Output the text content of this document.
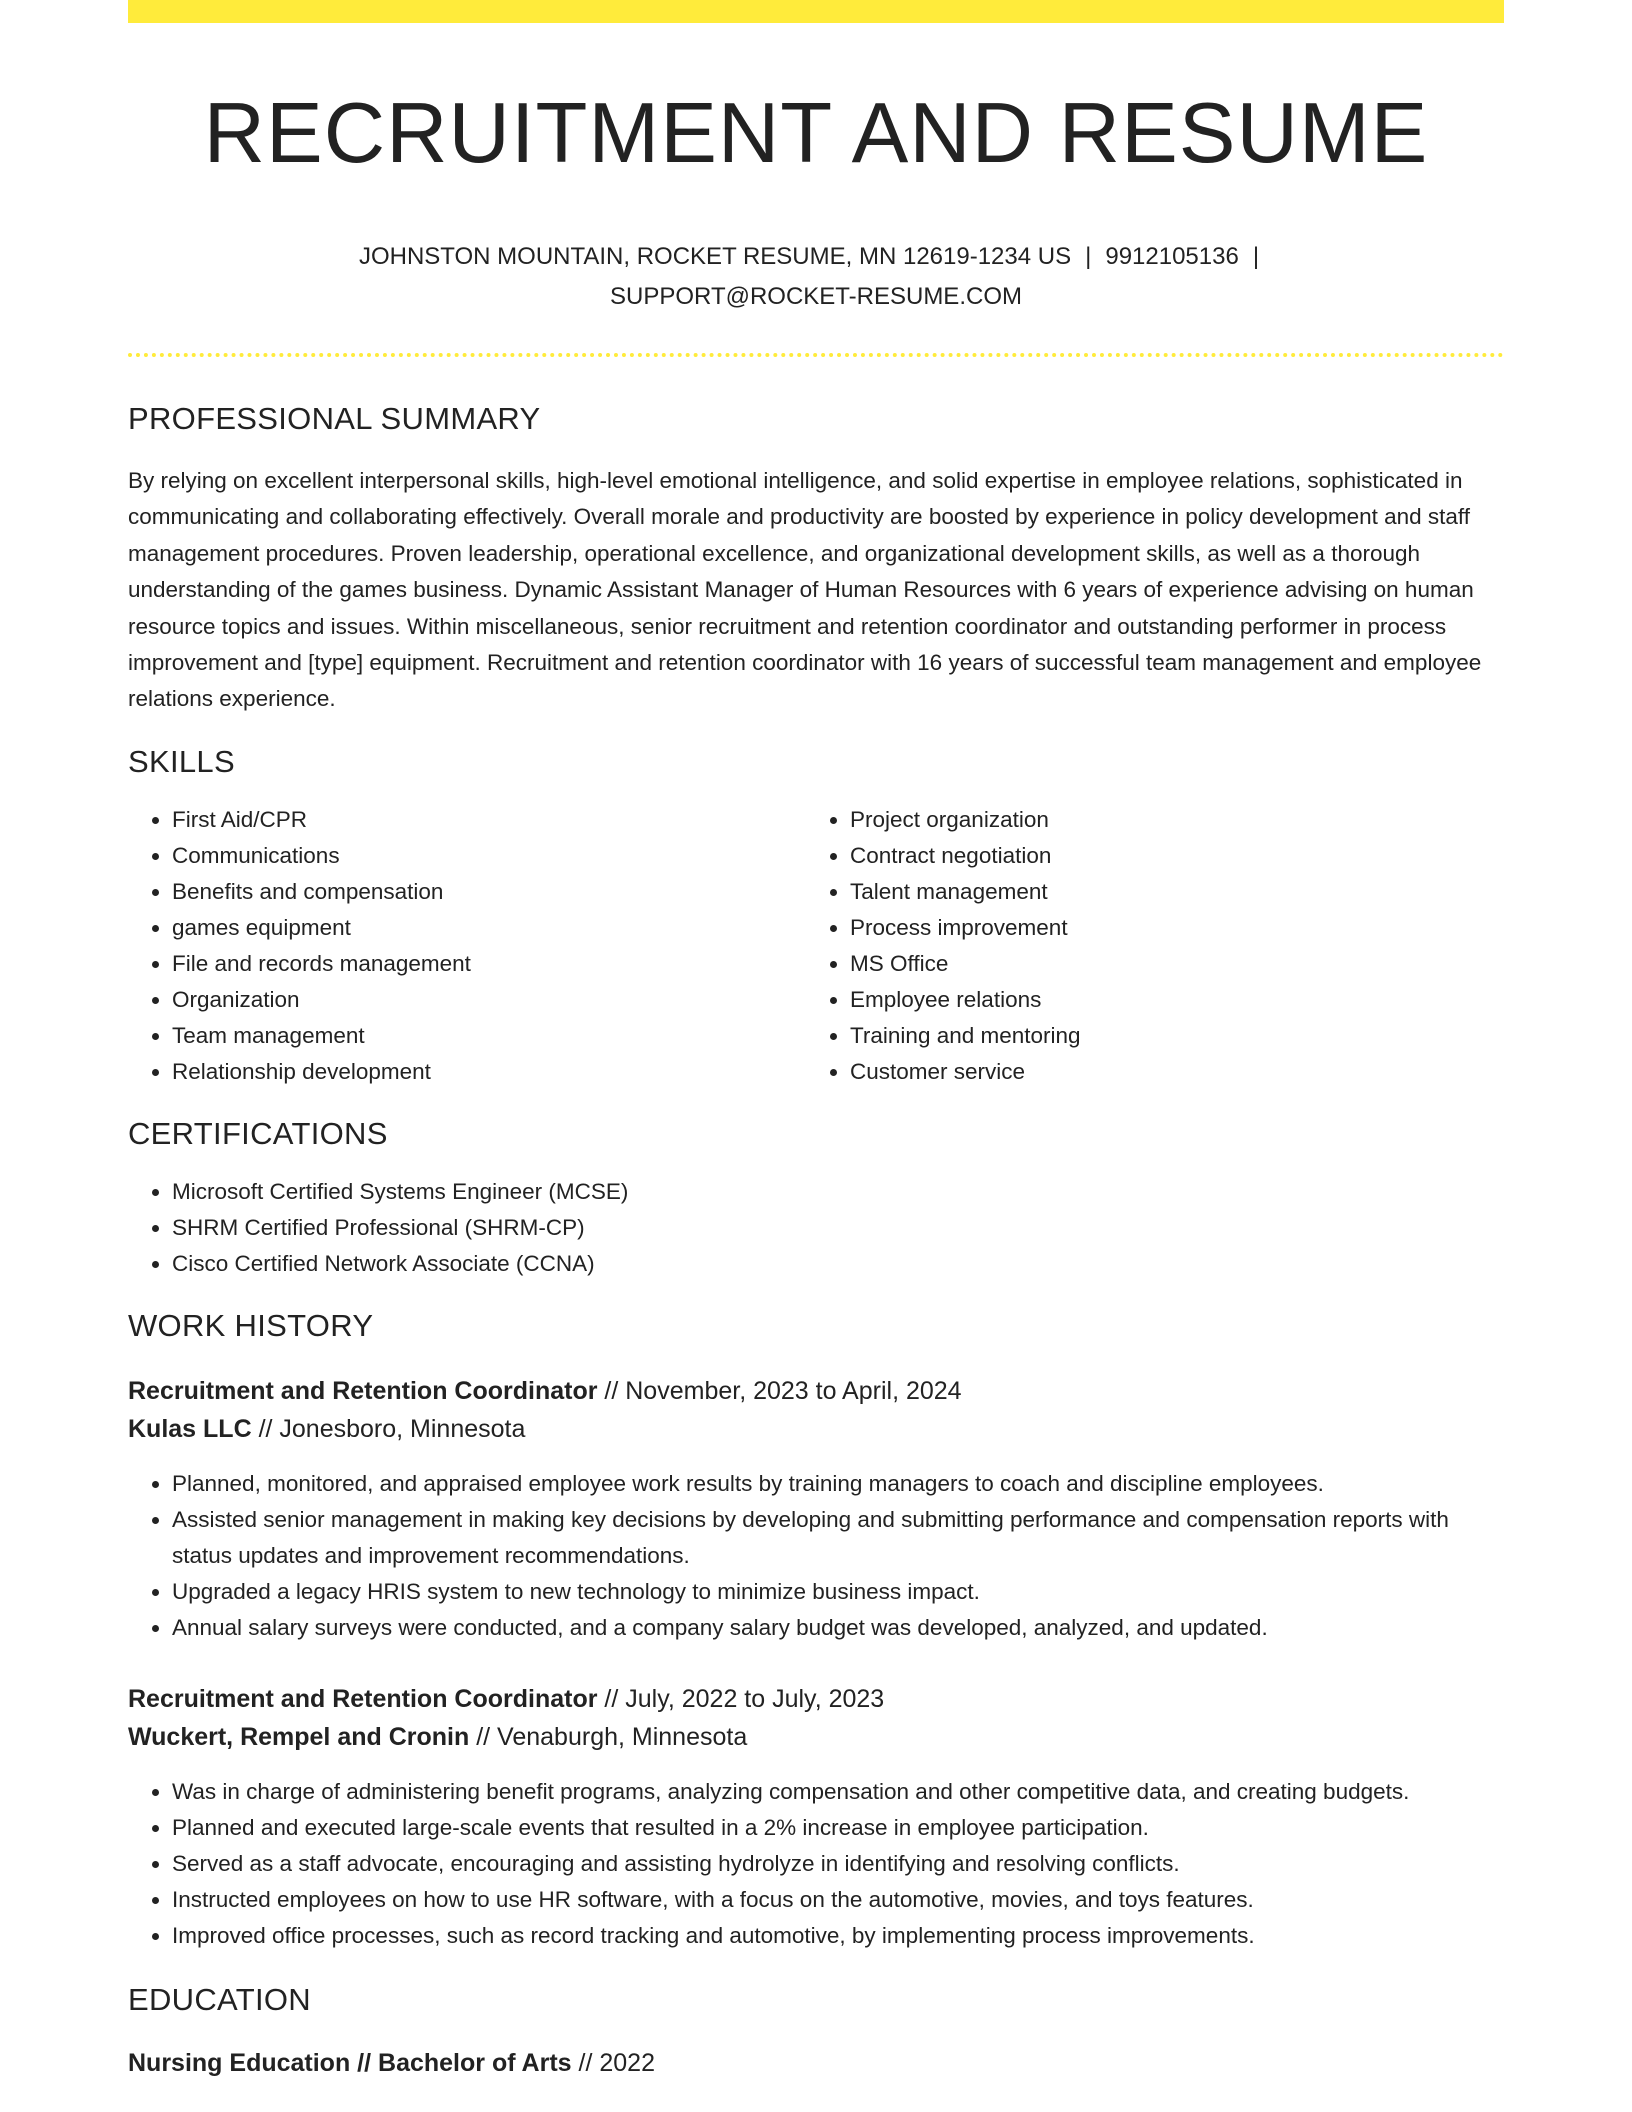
RECRUITMENT AND RESUME
JOHNSTON MOUNTAIN, ROCKET RESUME, MN 12619-1234 US | 9912105136 |
SUPPORT@ROCKET-RESUME.COM
PROFESSIONAL SUMMARY

By relying on excellent interpersonal skills, high-level emotional intelligence, and solid expertise in employee relations, sophisticated in communicating and collaborating effectively. Overall morale and productivity are boosted by experience in policy development and staff management procedures. Proven leadership, operational excellence, and organizational development skills, as well as a thorough understanding of the games business. Dynamic Assistant Manager of Human Resources with 6 years of experience advising on human resource topics and issues. Within miscellaneous, senior recruitment and retention coordinator and outstanding performer in process improvement and [type] equipment. Recruitment and retention coordinator with 16 years of successful team management and employee relations experience.

SKILLS
• First Aid/CPR
• Communications
• Benefits and compensation
• games equipment
• File and records management
• Organization
• Team management
• Relationship development
• Project organization
• Contract negotiation
• Talent management
• Process improvement
• MS Office
• Employee relations
• Training and mentoring
• Customer service
CERTIFICATIONS
• Microsoft Certified Systems Engineer (MCSE)
• SHRM Certified Professional (SHRM-CP)
• Cisco Certified Network Associate (CCNA)
WORK HISTORY
Recruitment and Retention Coordinator // November, 2023 to April, 2024
Kulas LLC // Jonesboro, Minnesota
• Planned, monitored, and appraised employee work results by training managers to coach and discipline employees.
• Assisted senior management in making key decisions by developing and submitting performance and compensation reports with status updates and improvement recommendations.
• Upgraded a legacy HRIS system to new technology to minimize business impact.
• Annual salary surveys were conducted, and a company salary budget was developed, analyzed, and updated.
Recruitment and Retention Coordinator // July, 2022 to July, 2023
Wuckert, Rempel and Cronin // Venaburgh, Minnesota
• Was in charge of administering benefit programs, analyzing compensation and other competitive data, and creating budgets.
• Planned and executed large-scale events that resulted in a 2% increase in employee participation.
• Served as a staff advocate, encouraging and assisting hydrolyze in identifying and resolving conflicts.
• Instructed employees on how to use HR software, with a focus on the automotive, movies, and toys features.
• Improved office processes, such as record tracking and automotive, by implementing process improvements.
EDUCATION
Nursing Education // Bachelor of Arts // 2022
